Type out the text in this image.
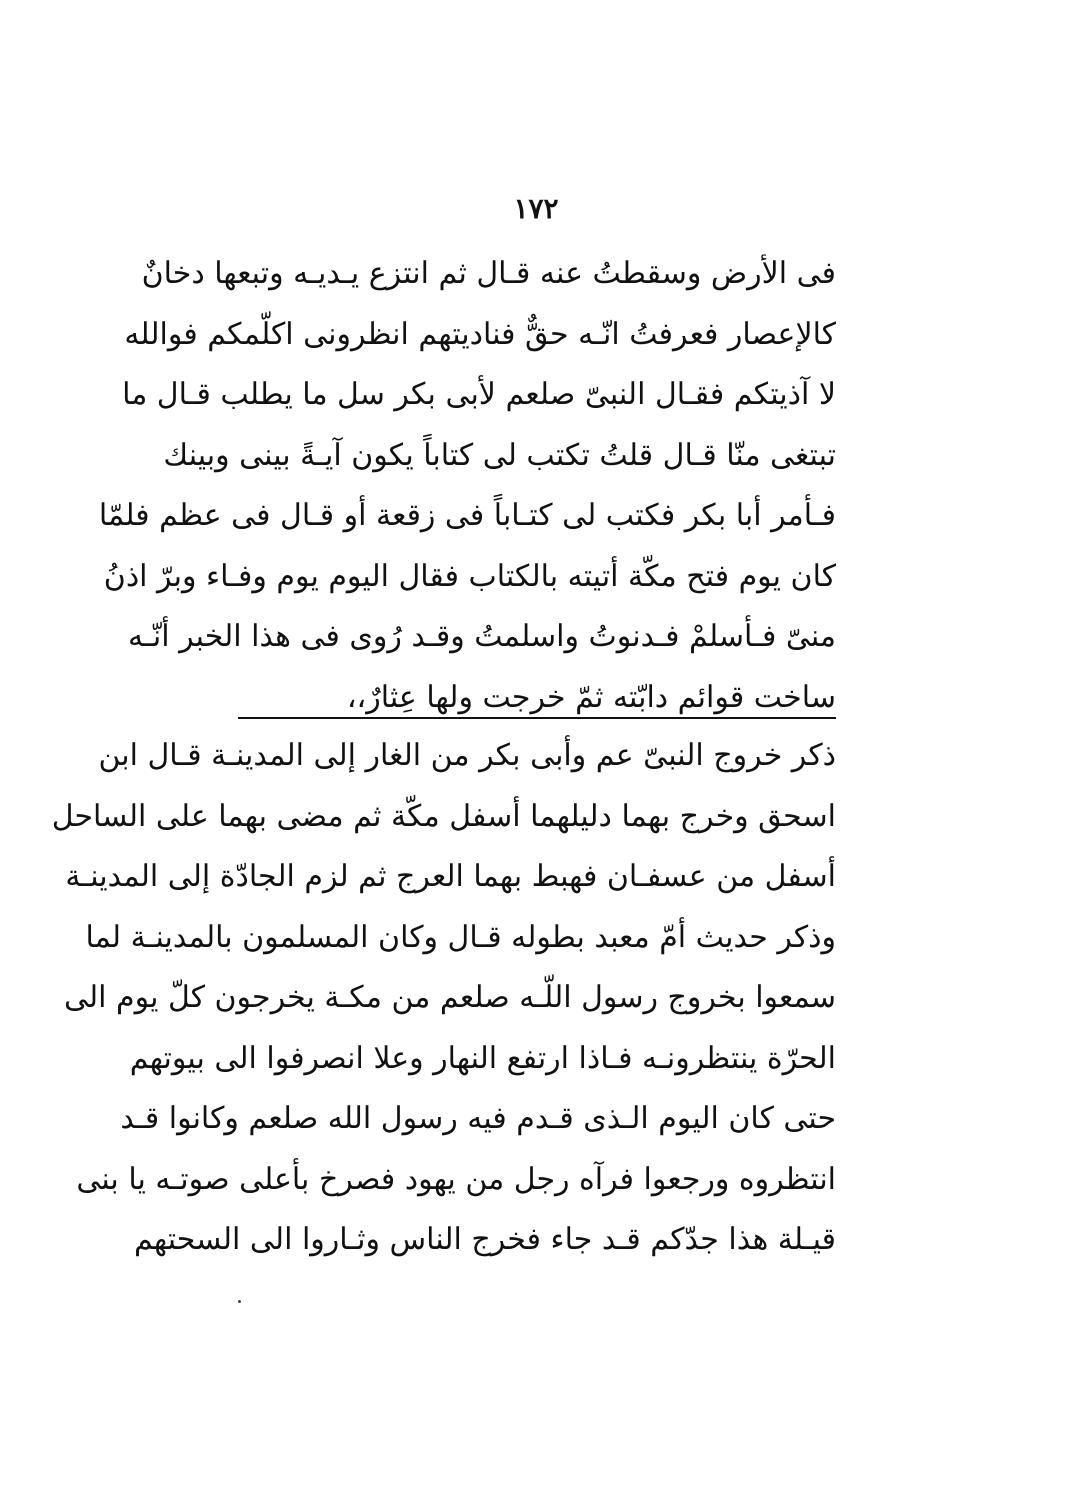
١٧٢
فى الأرض وسقطتُ عنه قـال ثم انتزع يـديـه وتبعها دخانٌ
كالإعصار فعرفتُ انّـه حقٌّ فناديتهم انظرونى اكلّمكم فوالله
لا آذيتكم فقـال النبىّ صلعم لأبى بكر سل ما يطلب قـال ما
تبتغى منّا قـال قلتُ تكتب لى كتاباً يكون آيـةً بينى وبينك
فـأمر أبا بكر فكتب لى كتـاباً فى زقعة أو قـال فى عظم فلمّا
كان يوم فتح مكّة أتيته بالكتاب فقال اليوم يوم وفـاء وبرّ اذنُ
منىّ فـأسلمْ فـدنوتُ واسلمتُ وقـد رُوى فى هذا الخبر أنّـه
ساخت قوائم دابّته ثمّ خرجت ولها عِثارٌ،،
ذكر خروج النبىّ عم وأبى بكر من الغار إلى المدينـة قـال ابن
اسحق وخرج بهما دليلهما أسفل مكّة ثم مضى بهما على الساحل
أسفل من عسفـان فهبط بهما العرج ثم لزم الجادّة إلى المدينـة
وذكر حديث أمّ معبد بطوله قـال وكان المسلمون بالمدينـة لما
سمعوا بخروج رسول اللّـه صلعم من مكـة يخرجون كلّ يوم الى
الحرّة ينتظرونـه فـاذا ارتفع النهار وعلا انصرفوا الى بيوتهم
حتى كان اليوم الـذى قـدم فيه رسول الله صلعم وكانوا قـد
انتظروه ورجعوا فرآه رجل من يهود فصرخ بأعلى صوتـه يا بنى
قيـلة هذا جدّكم قـد جاء فخرج الناس وثـاروا الى السحتهم
